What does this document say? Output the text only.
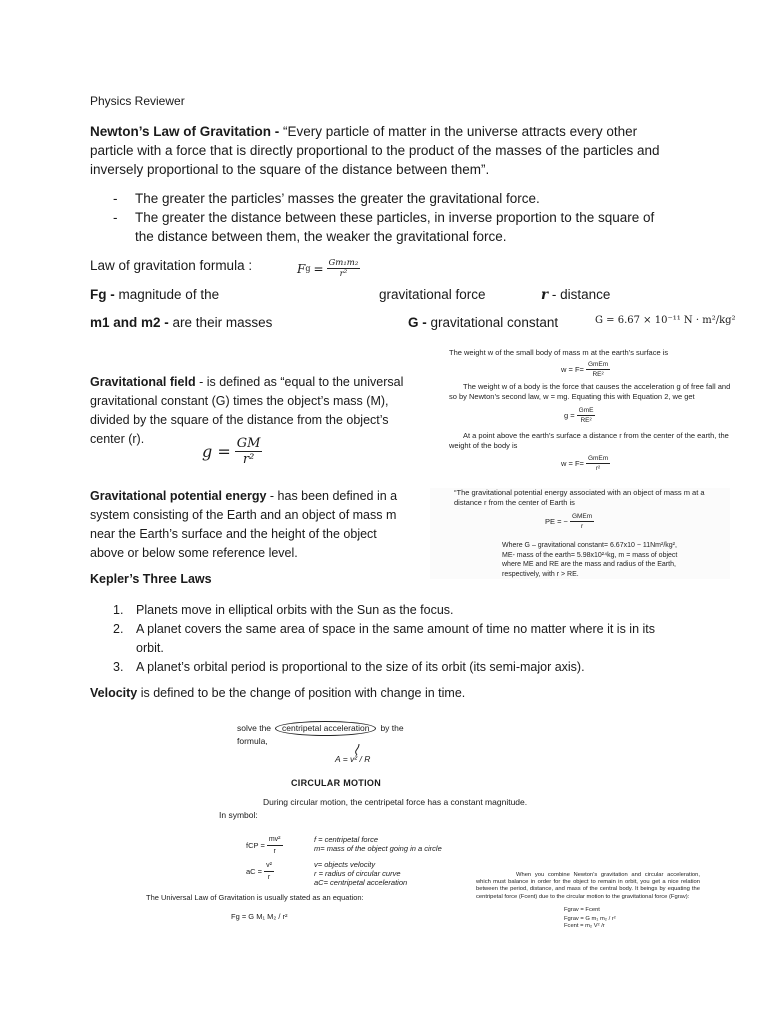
Physics Reviewer
Newton’s Law of Gravitation - “Every particle of matter in the universe attracts every other particle with a force that is directly proportional to the product of the masses of the particles and inversely proportional to the square of the distance between them”.
-	The greater the particles’ masses the greater the gravitational force.
-	The greater the distance between these particles, in inverse proportion to the square of the distance between them, the weaker the gravitational force.
Law of gravitation formula :	F $g = \frac{\text{Gm₁m₂}}{\text{r²}}$
Fg - magnitude of the	gravitational force	r - distance
m1 and m2 - are their masses	G - gravitational constant	G = 6.67 × 10⁻¹¹ N · m²/kg²
The weight w of the small body of mass m at the earth’s surface is
$w = F = \frac{\text{GmEm}}{\text{RE²}}$
The weight w of a body is the force that causes the acceleration g of free fall and so by Newton’s second law, w = mg. Equating this with Equation 2, we get
$g = \frac{\text{GmE}}{\text{RE²}}$
At a point above the earth’s surface a distance r from the center of the earth, the weight of the body is
$w = F = \frac{\text{GmEm}}{\text{r²}}$
Gravitational field - is defined as “equal to the universal gravitational constant (G) times the object’s mass (M), divided by the square of the distance from the object’s center (r).
$g = \frac{GM}{\text{r²}}$
Gravitational potential energy - has been defined in a system consisting of the Earth and an object of mass m near the Earth’s surface and the height of the object above or below some reference level.
“The gravitational potential energy associated with an object of mass m at a distance r from the center of Earth is
PE = − $\frac{\text{GMEm}}{r}$
Where G – gravitational constant= 6.67x10 − 11Nm²/kg²,
ME- mass of the earth= 5.98x10²⁴kg, m = mass of object
where ME and RE are the mass and radius of the Earth,
respectively, with r > RE.
Kepler’s Three Laws
1.	Planets move in elliptical orbits with the Sun as the focus.
2.	A planet covers the same area of space in the same amount of time no matter where it is in its orbit.
3.	A planet’s orbital period is proportional to the size of its orbit (its semi-major axis).
Velocity is defined to be the change of position with change in time.
solve the	centripetal acceleration	by the
formula,
A = v² / R
CIRCULAR MOTION
During circular motion, the centripetal force has a constant magnitude.
In symbol:
fCP = $\frac{\text{mv²}}{r}$	f = centripetal force
m= mass of the object going in a circle
aC = $\frac{\text{v²}}{r}$	v= objects velocity
r = radius of circular curve
aC= centripetal acceleration
The Universal Law of Gravitation is usually stated as an equation:
Fg = G M₁ M₂ / r²
When you combine Newton’s gravitation and circular acceleration, which must balance in order for the object to remain in orbit, you get a nice relation between the period, distance, and mass of the central body. It beings by equating the centripetal force (Fcent) due to the circular motion to the gravitational force (Fgrav):
Fgrav = Fcent
Fgrav = G m₁ m₂ / r²
Fcent = m₂ V² /r
